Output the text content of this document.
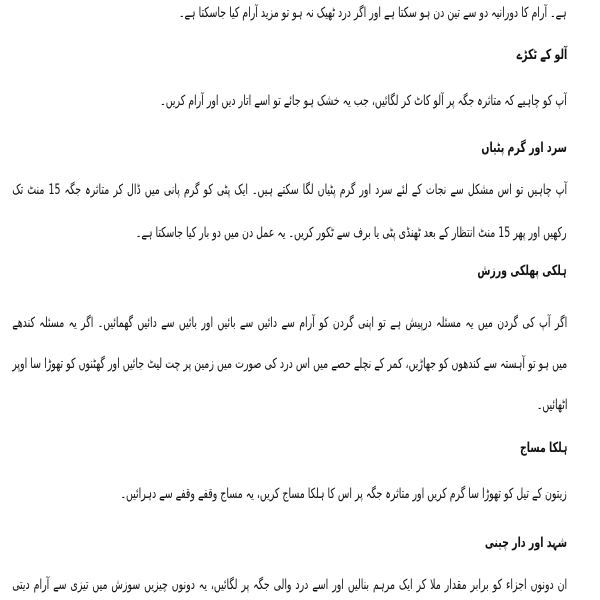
ہے۔ آرام کا دورانیہ دو سے تین دن ہو سکتا ہے اور اگر درد ٹھیک نہ ہو تو مزید آرام کیا جاسکتا ہے۔

آلو کے ٹکڑے

آپ کو چاہیے کہ متاثرہ جگہ پر آلو کاٹ کر لگائیں، جب یہ خشک ہو جائے تو اسے اتار دیں اور آرام کریں۔

سرد اور گرم پٹیاں

آپ چاہیں تو اس مشکل سے نجات کے لئے سرد اور گرم پٹیاں لگا سکتے ہیں۔ ایک پٹی کو گرم پانی میں ڈال کر متاثرہ جگہ 15 منٹ تک

رکھیں اور پھر 15 منٹ انتظار کے بعد ٹھنڈی پٹی یا برف سے ٹکور کریں۔ یہ عمل دن میں دو بار کیا جاسکتا ہے۔

ہلکی پھلکی ورزش

اگر آپ کی گردن میں یہ مسئلہ درپیش ہے تو اپنی گردن کو آرام سے دائیں سے بائیں اور بائیں سے دائیں گھمائیں۔ اگر یہ مسئلہ کندھے

میں ہو تو آہستہ سے کندھوں کو جھاڑیں، کمر کے نچلے حصے میں اس درد کی صورت میں زمین پر چت لیٹ جائیں اور گھٹنوں کو تھوڑا سا اوپر

اٹھائیں۔

ہلکا مساج

زیتون کے تیل کو تھوڑا سا گرم کریں اور متاثرہ جگہ پر اس کا ہلکا مساج کریں، یہ مساج وقفے وقفے سے دہرائیں۔

شہد اور دار چینی

ان دونوں اجزاء کو برابر مقدار ملا کر ایک مرہم بنالیں اور اسے درد والی جگہ پر لگائیں، یہ دونوں چیزیں سوزش میں تیزی سے آرام دیتی
